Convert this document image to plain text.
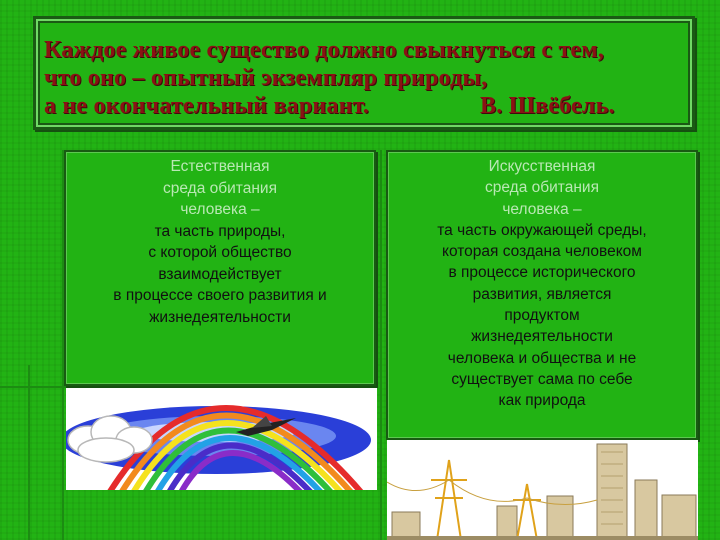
Каждое живое существо должно свыкнуться с тем,
что оно – опытный экземпляр природы,
а не окончательный вариант.	В. Швёбель.
Естественная
среда обитания
человека –
та часть природы,
с которой общество
взаимодействует
в процессе своего развития и
жизнедеятельности
Искусственная
среда обитания
человека –
та часть окружающей среды,
которая создана человеком
в процессе исторического
развития, является
продуктом
жизнедеятельности
человека и общества и не
существует сама по себе
как природа
